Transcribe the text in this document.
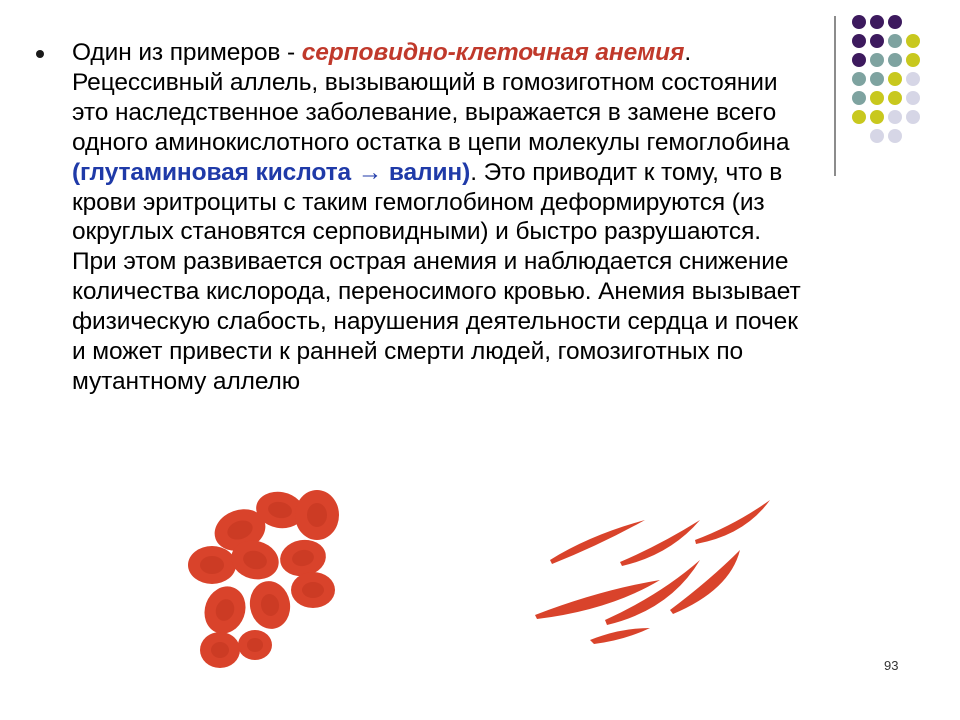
Один из примеров - серповидно-клеточная анемия. Рецессивный аллель, вызывающий в гомозиготном состоянии это наследственное заболевание, выражается в замене всего одного аминокислотного остатка в цепи молекулы гемоглобина (глутаминовая кислота → валин). Это приводит к тому, что в крови эритроциты с таким гемоглобином деформируются (из округлых становятся серповидными) и быстро разрушаются. При этом развивается острая анемия и наблюдается снижение количества кислорода, переносимого кровью. Анемия вызывает физическую слабость, нарушения деятельности сердца и почек и может привести к ранней смерти людей, гомозиготных по мутантному аллелю
93
